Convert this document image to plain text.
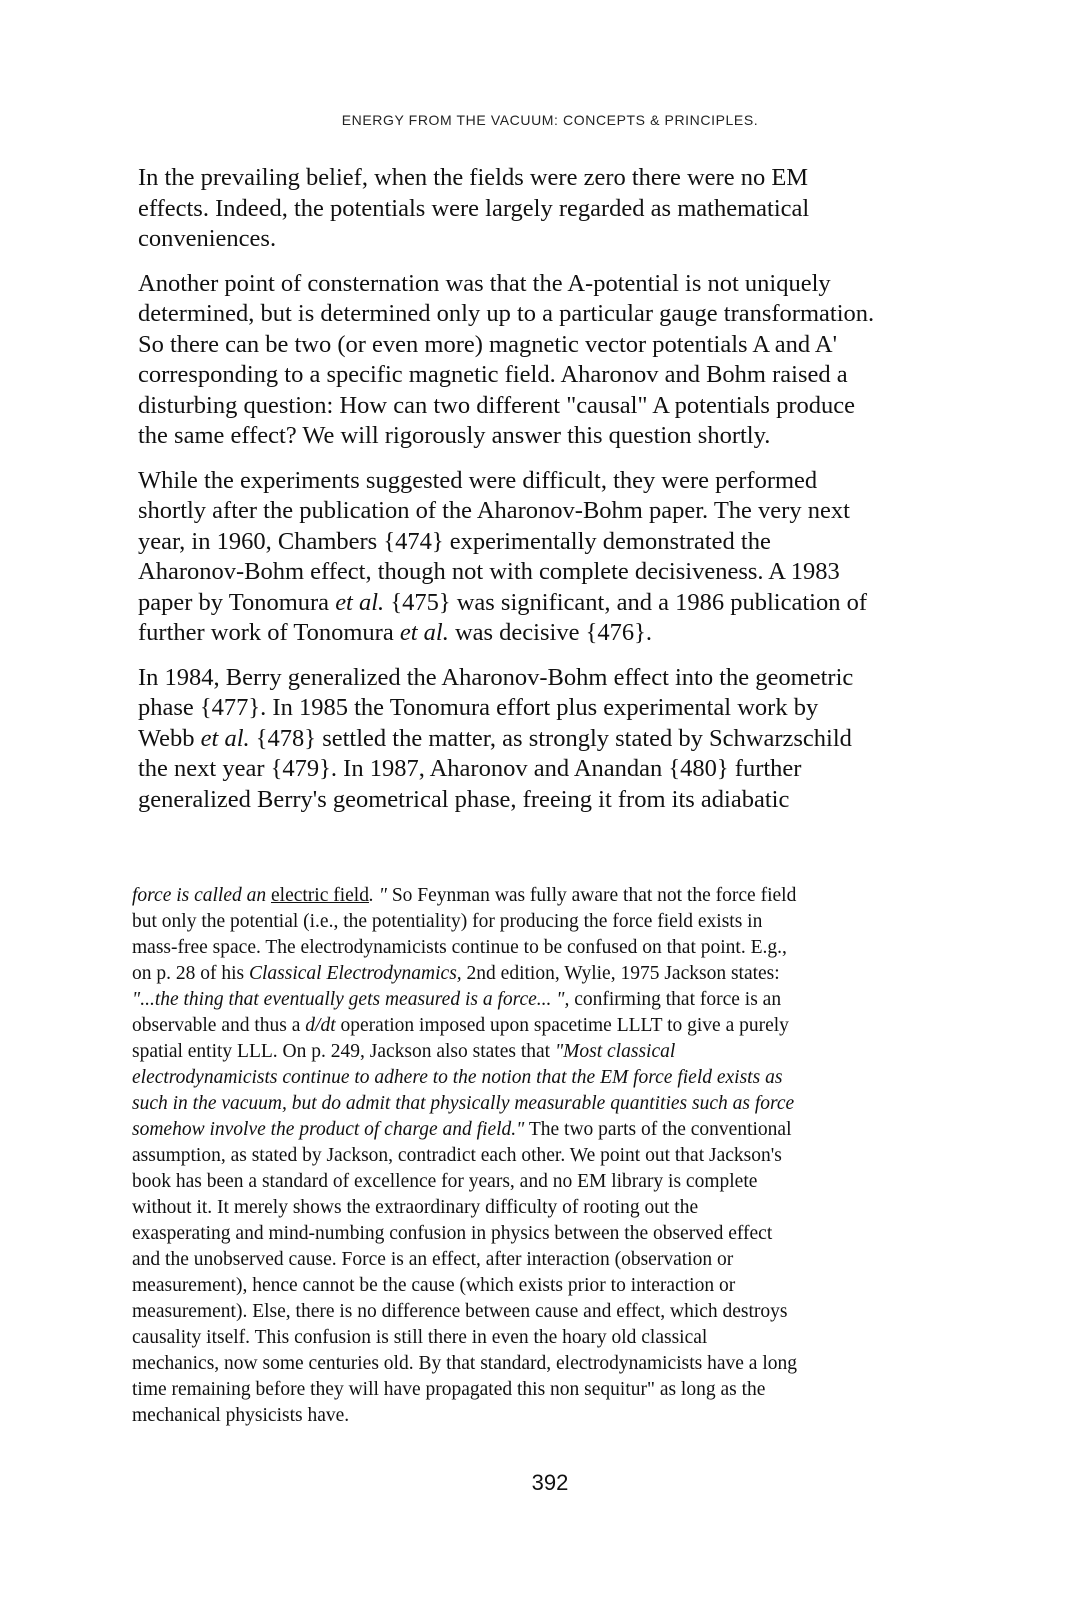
ENERGY FROM THE VACUUM: CONCEPTS & PRINCIPLES.

In the prevailing belief, when the fields were zero there were no EM
effects. Indeed, the potentials were largely regarded as mathematical
conveniences.

Another point of consternation was that the A-potential is not uniquely
determined, but is determined only up to a particular gauge transformation.
So there can be two (or even more) magnetic vector potentials A and A'
corresponding to a specific magnetic field. Aharonov and Bohm raised a
disturbing question: How can two different "causal" A potentials produce
the same effect? We will rigorously answer this question shortly.

While the experiments suggested were difficult, they were performed
shortly after the publication of the Aharonov-Bohm paper. The very next
year, in 1960, Chambers {474} experimentally demonstrated the
Aharonov-Bohm effect, though not with complete decisiveness. A 1983
paper by Tonomura et al. {475} was significant, and a 1986 publication of
further work of Tonomura et al. was decisive {476}.

In 1984, Berry generalized the Aharonov-Bohm effect into the geometric
phase {477}. In 1985 the Tonomura effort plus experimental work by
Webb et al. {478} settled the matter, as strongly stated by Schwarzschild
the next year {479}. In 1987, Aharonov and Anandan {480} further
generalized Berry's geometrical phase, freeing it from its adiabatic

force is called an electric field. " So Feynman was fully aware that not the force field
but only the potential (i.e., the potentiality) for producing the force field exists in
mass-free space. The electrodynamicists continue to be confused on that point. E.g.,
on p. 28 of his Classical Electrodynamics, 2nd edition, Wylie, 1975 Jackson states:
"...the thing that eventually gets measured is a force... ", confirming that force is an
observable and thus a d/dt operation imposed upon spacetime LLLT to give a purely
spatial entity LLL. On p. 249, Jackson also states that "Most classical
electrodynamicists continue to adhere to the notion that the EM force field exists as
such in the vacuum, but do admit that physically measurable quantities such as force
somehow involve the product of charge and field." The two parts of the conventional
assumption, as stated by Jackson, contradict each other. We point out that Jackson's
book has been a standard of excellence for years, and no EM library is complete
without it. It merely shows the extraordinary difficulty of rooting out the
exasperating and mind-numbing confusion in physics between the observed effect
and the unobserved cause. Force is an effect, after interaction (observation or
measurement), hence cannot be the cause (which exists prior to interaction or
measurement). Else, there is no difference between cause and effect, which destroys
causality itself. This confusion is still there in even the hoary old classical
mechanics, now some centuries old. By that standard, electrodynamicists have a long
time remaining before they will have propagated this non sequitur" as long as the
mechanical physicists have.
392
